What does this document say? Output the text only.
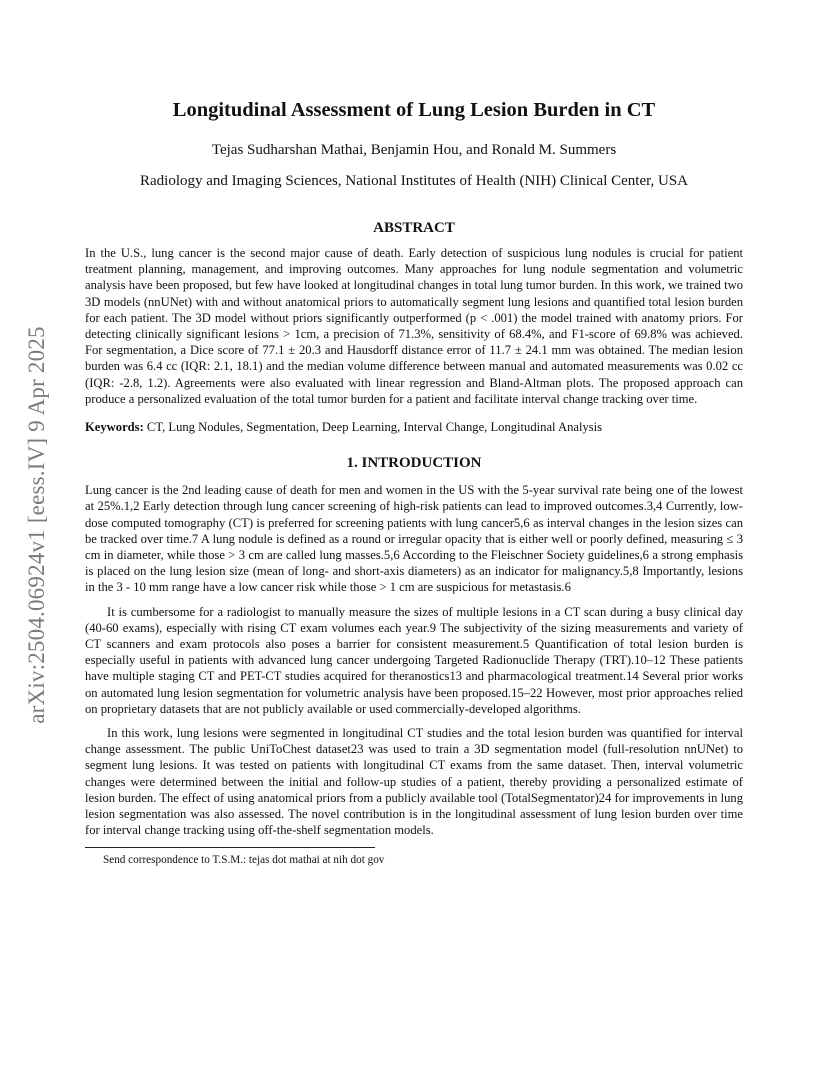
arXiv:2504.06924v1 [eess.IV] 9 Apr 2025
Longitudinal Assessment of Lung Lesion Burden in CT
Tejas Sudharshan Mathai, Benjamin Hou, and Ronald M. Summers
Radiology and Imaging Sciences, National Institutes of Health (NIH) Clinical Center, USA
ABSTRACT

In the U.S., lung cancer is the second major cause of death. Early detection of suspicious lung nodules is crucial for patient treatment planning, management, and improving outcomes. Many approaches for lung nodule segmentation and volumetric analysis have been proposed, but few have looked at longitudinal changes in total lung tumor burden. In this work, we trained two 3D models (nnUNet) with and without anatomical priors to automatically segment lung lesions and quantified total lesion burden for each patient. The 3D model without priors significantly outperformed (p < .001) the model trained with anatomy priors. For detecting clinically significant lesions > 1cm, a precision of 71.3%, sensitivity of 68.4%, and F1-score of 69.8% was achieved. For segmentation, a Dice score of 77.1 ± 20.3 and Hausdorff distance error of 11.7 ± 24.1 mm was obtained. The median lesion burden was 6.4 cc (IQR: 2.1, 18.1) and the median volume difference between manual and automated measurements was 0.02 cc (IQR: -2.8, 1.2). Agreements were also evaluated with linear regression and Bland-Altman plots. The proposed approach can produce a personalized evaluation of the total tumor burden for a patient and facilitate interval change tracking over time.

Keywords: CT, Lung Nodules, Segmentation, Deep Learning, Interval Change, Longitudinal Analysis
1. INTRODUCTION

Lung cancer is the 2nd leading cause of death for men and women in the US with the 5-year survival rate being one of the lowest at 25%.1,2 Early detection through lung cancer screening of high-risk patients can lead to improved outcomes.3,4 Currently, low-dose computed tomography (CT) is preferred for screening patients with lung cancer5,6 as interval changes in the lesion sizes can be tracked over time.7 A lung nodule is defined as a round or irregular opacity that is either well or poorly defined, measuring ≤ 3 cm in diameter, while those > 3 cm are called lung masses.5,6 According to the Fleischner Society guidelines,6 a strong emphasis is placed on the lung lesion size (mean of long- and short-axis diameters) as an indicator for malignancy.5,8 Importantly, lesions in the 3 - 10 mm range have a low cancer risk while those > 1 cm are suspicious for metastasis.6

It is cumbersome for a radiologist to manually measure the sizes of multiple lesions in a CT scan during a busy clinical day (40-60 exams), especially with rising CT exam volumes each year.9 The subjectivity of the sizing measurements and variety of CT scanners and exam protocols also poses a barrier for consistent measurement.5 Quantification of total lesion burden is especially useful in patients with advanced lung cancer undergoing Targeted Radionuclide Therapy (TRT).10–12 These patients have multiple staging CT and PET-CT studies acquired for theranostics13 and pharmacological treatment.14 Several prior works on automated lung lesion segmentation for volumetric analysis have been proposed.15–22 However, most prior approaches relied on proprietary datasets that are not publicly available or used commercially-developed algorithms.

In this work, lung lesions were segmented in longitudinal CT studies and the total lesion burden was quantified for interval change assessment. The public UniToChest dataset23 was used to train a 3D segmentation model (full-resolution nnUNet) to segment lung lesions. It was tested on patients with longitudinal CT exams from the same dataset. Then, interval volumetric changes were determined between the initial and follow-up studies of a patient, thereby providing a personalized estimate of lesion burden. The effect of using anatomical priors from a publicly available tool (TotalSegmentator)24 for improvements in lung lesion segmentation was also assessed. The novel contribution is in the longitudinal assessment of lung lesion burden over time for interval change tracking using off-the-shelf segmentation models.

Send correspondence to T.S.M.: tejas dot mathai at nih dot gov
